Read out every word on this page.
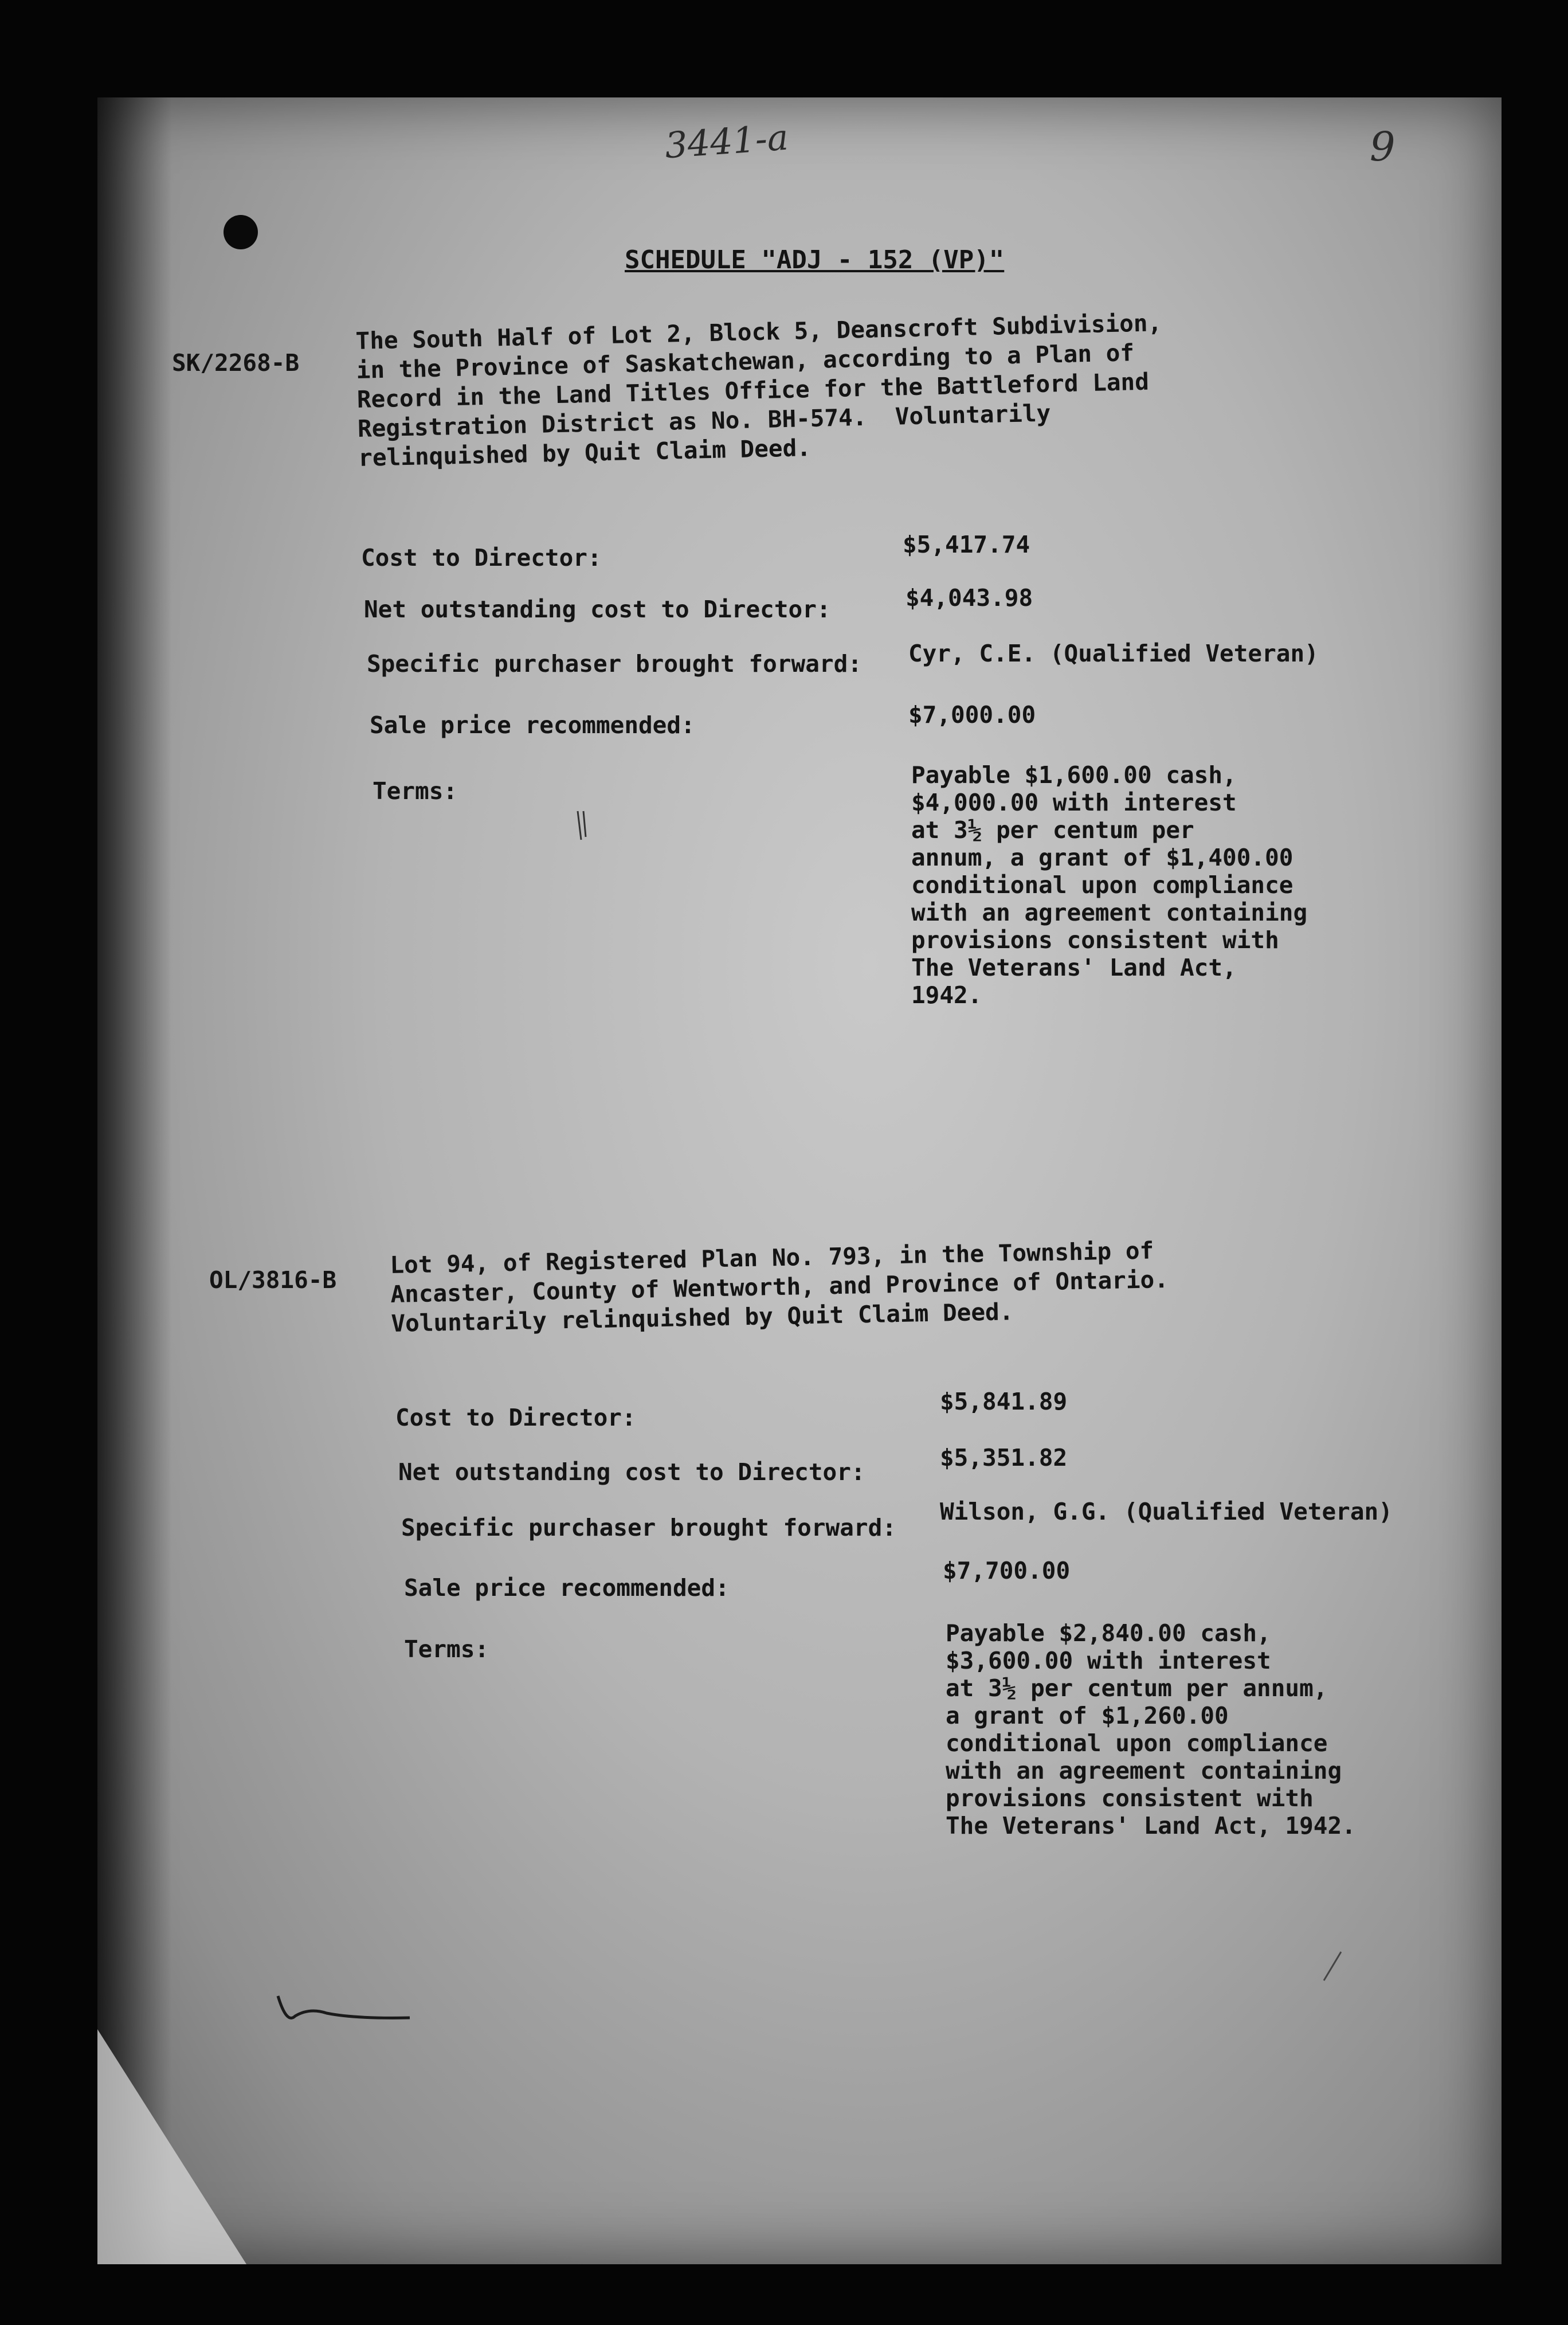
3441-a	9
SCHEDULE "ADJ - 152 (VP)"
SK/2268-B
The South Half of Lot 2, Block 5, Deanscroft Subdivision,
in the Province of Saskatchewan, according to a Plan of
Record in the Land Titles Office for the Battleford Land
Registration District as No. BH-574.  Voluntarily
relinquished by Quit Claim Deed.
Cost to Director:	$5,417.74
Net outstanding cost to Director:	$4,043.98
Specific purchaser brought forward: Cyr, C.E. (Qualified Veteran)
Sale price recommended:	$7,000.00
Terms:
Payable $1,600.00 cash,
$4,000.00 with interest
at 3½ per centum per
annum, a grant of $1,400.00
conditional upon compliance
with an agreement containing
provisions consistent with
The Veterans' Land Act,
1942.
OL/3816-B
Lot 94, of Registered Plan No. 793, in the Township of
Ancaster, County of Wentworth, and Province of Ontario.
Voluntarily relinquished by Quit Claim Deed.
Cost to Director:
$5,841.89
Net outstanding cost to Director:
$5,351.82
Specific purchaser brought forward:
Wilson, G.G. (Qualified Veteran)
Sale price recommended:
$7,700.00
Terms:
Payable $2,840.00 cash,
$3,600.00 with interest
at 3½ per centum per annum,
a grant of $1,260.00
conditional upon compliance
with an agreement containing
provisions consistent with
The Veterans' Land Act, 1942.
